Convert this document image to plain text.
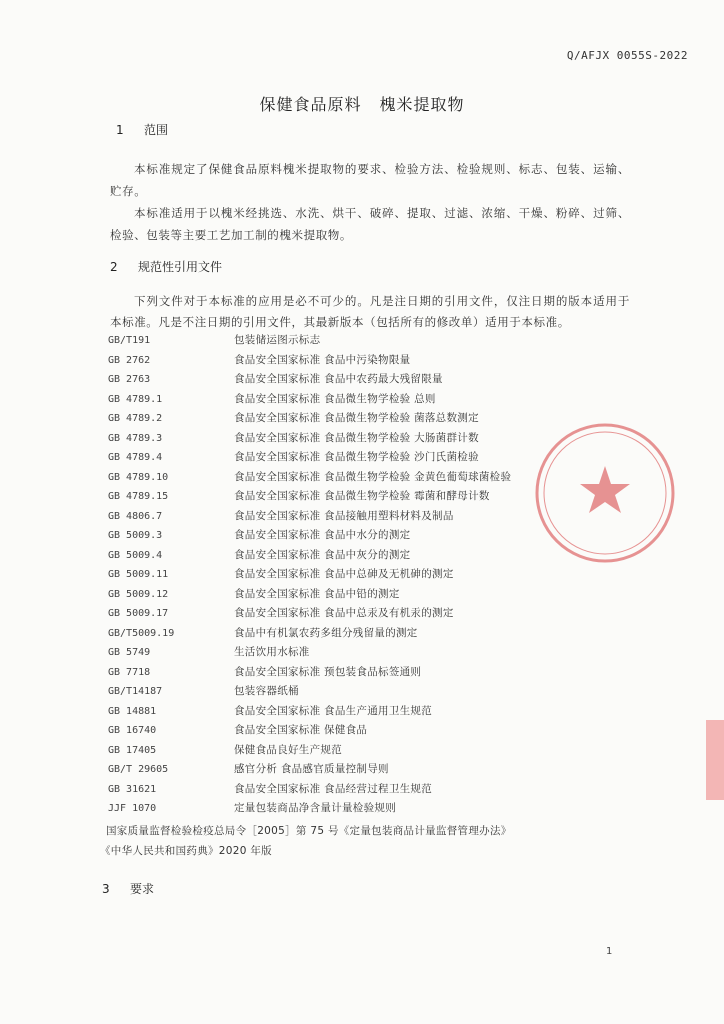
Q/AFJX 0055S-2022
保健食品原料 槐米提取物
1 范围
本标准规定了保健食品原料槐米提取物的要求、检验方法、检验规则、标志、包装、运输、贮存。
本标准适用于以槐米经挑选、水洗、烘干、破碎、提取、过滤、浓缩、干燥、粉碎、过筛、检验、包装等主要工艺加工制的槐米提取物。
2 规范性引用文件
下列文件对于本标准的应用是必不可少的。凡是注日期的引用文件，仅注日期的版本适用于本标准。凡是不注日期的引用文件，其最新版本（包括所有的修改单）适用于本标准。
GB/T191	包装储运图示标志
GB 2762	食品安全国家标准 食品中污染物限量
GB 2763	食品安全国家标准 食品中农药最大残留限量
GB 4789.1	食品安全国家标准 食品微生物学检验 总则
GB 4789.2	食品安全国家标准 食品微生物学检验 菌落总数测定
GB 4789.3	食品安全国家标准 食品微生物学检验 大肠菌群计数
GB 4789.4	食品安全国家标准 食品微生物学检验 沙门氏菌检验
GB 4789.10	食品安全国家标准 食品微生物学检验 金黄色葡萄球菌检验
GB 4789.15	食品安全国家标准 食品微生物学检验 霉菌和酵母计数
GB 4806.7	食品安全国家标准 食品接触用塑料材料及制品
GB 5009.3	食品安全国家标准 食品中水分的测定
GB 5009.4	食品安全国家标准 食品中灰分的测定
GB 5009.11	食品安全国家标准 食品中总砷及无机砷的测定
GB 5009.12	食品安全国家标准 食品中铅的测定
GB 5009.17	食品安全国家标准 食品中总汞及有机汞的测定
GB/T5009.19	食品中有机氯农药多组分残留量的测定
GB 5749	生活饮用水标准
GB 7718	食品安全国家标准 预包装食品标签通则
GB/T14187	包装容器纸桶
GB 14881	食品安全国家标准 食品生产通用卫生规范
GB 16740	食品安全国家标准 保健食品
GB 17405	保健食品良好生产规范
GB/T 29605	感官分析 食品感官质量控制导则
GB 31621	食品安全国家标准 食品经营过程卫生规范
JJF 1070	定量包装商品净含量计量检验规则
国家质量监督检验检疫总局令［2005］第 75 号《定量包装商品计量监督管理办法》
《中华人民共和国药典》2020 年版
3 要求
1
